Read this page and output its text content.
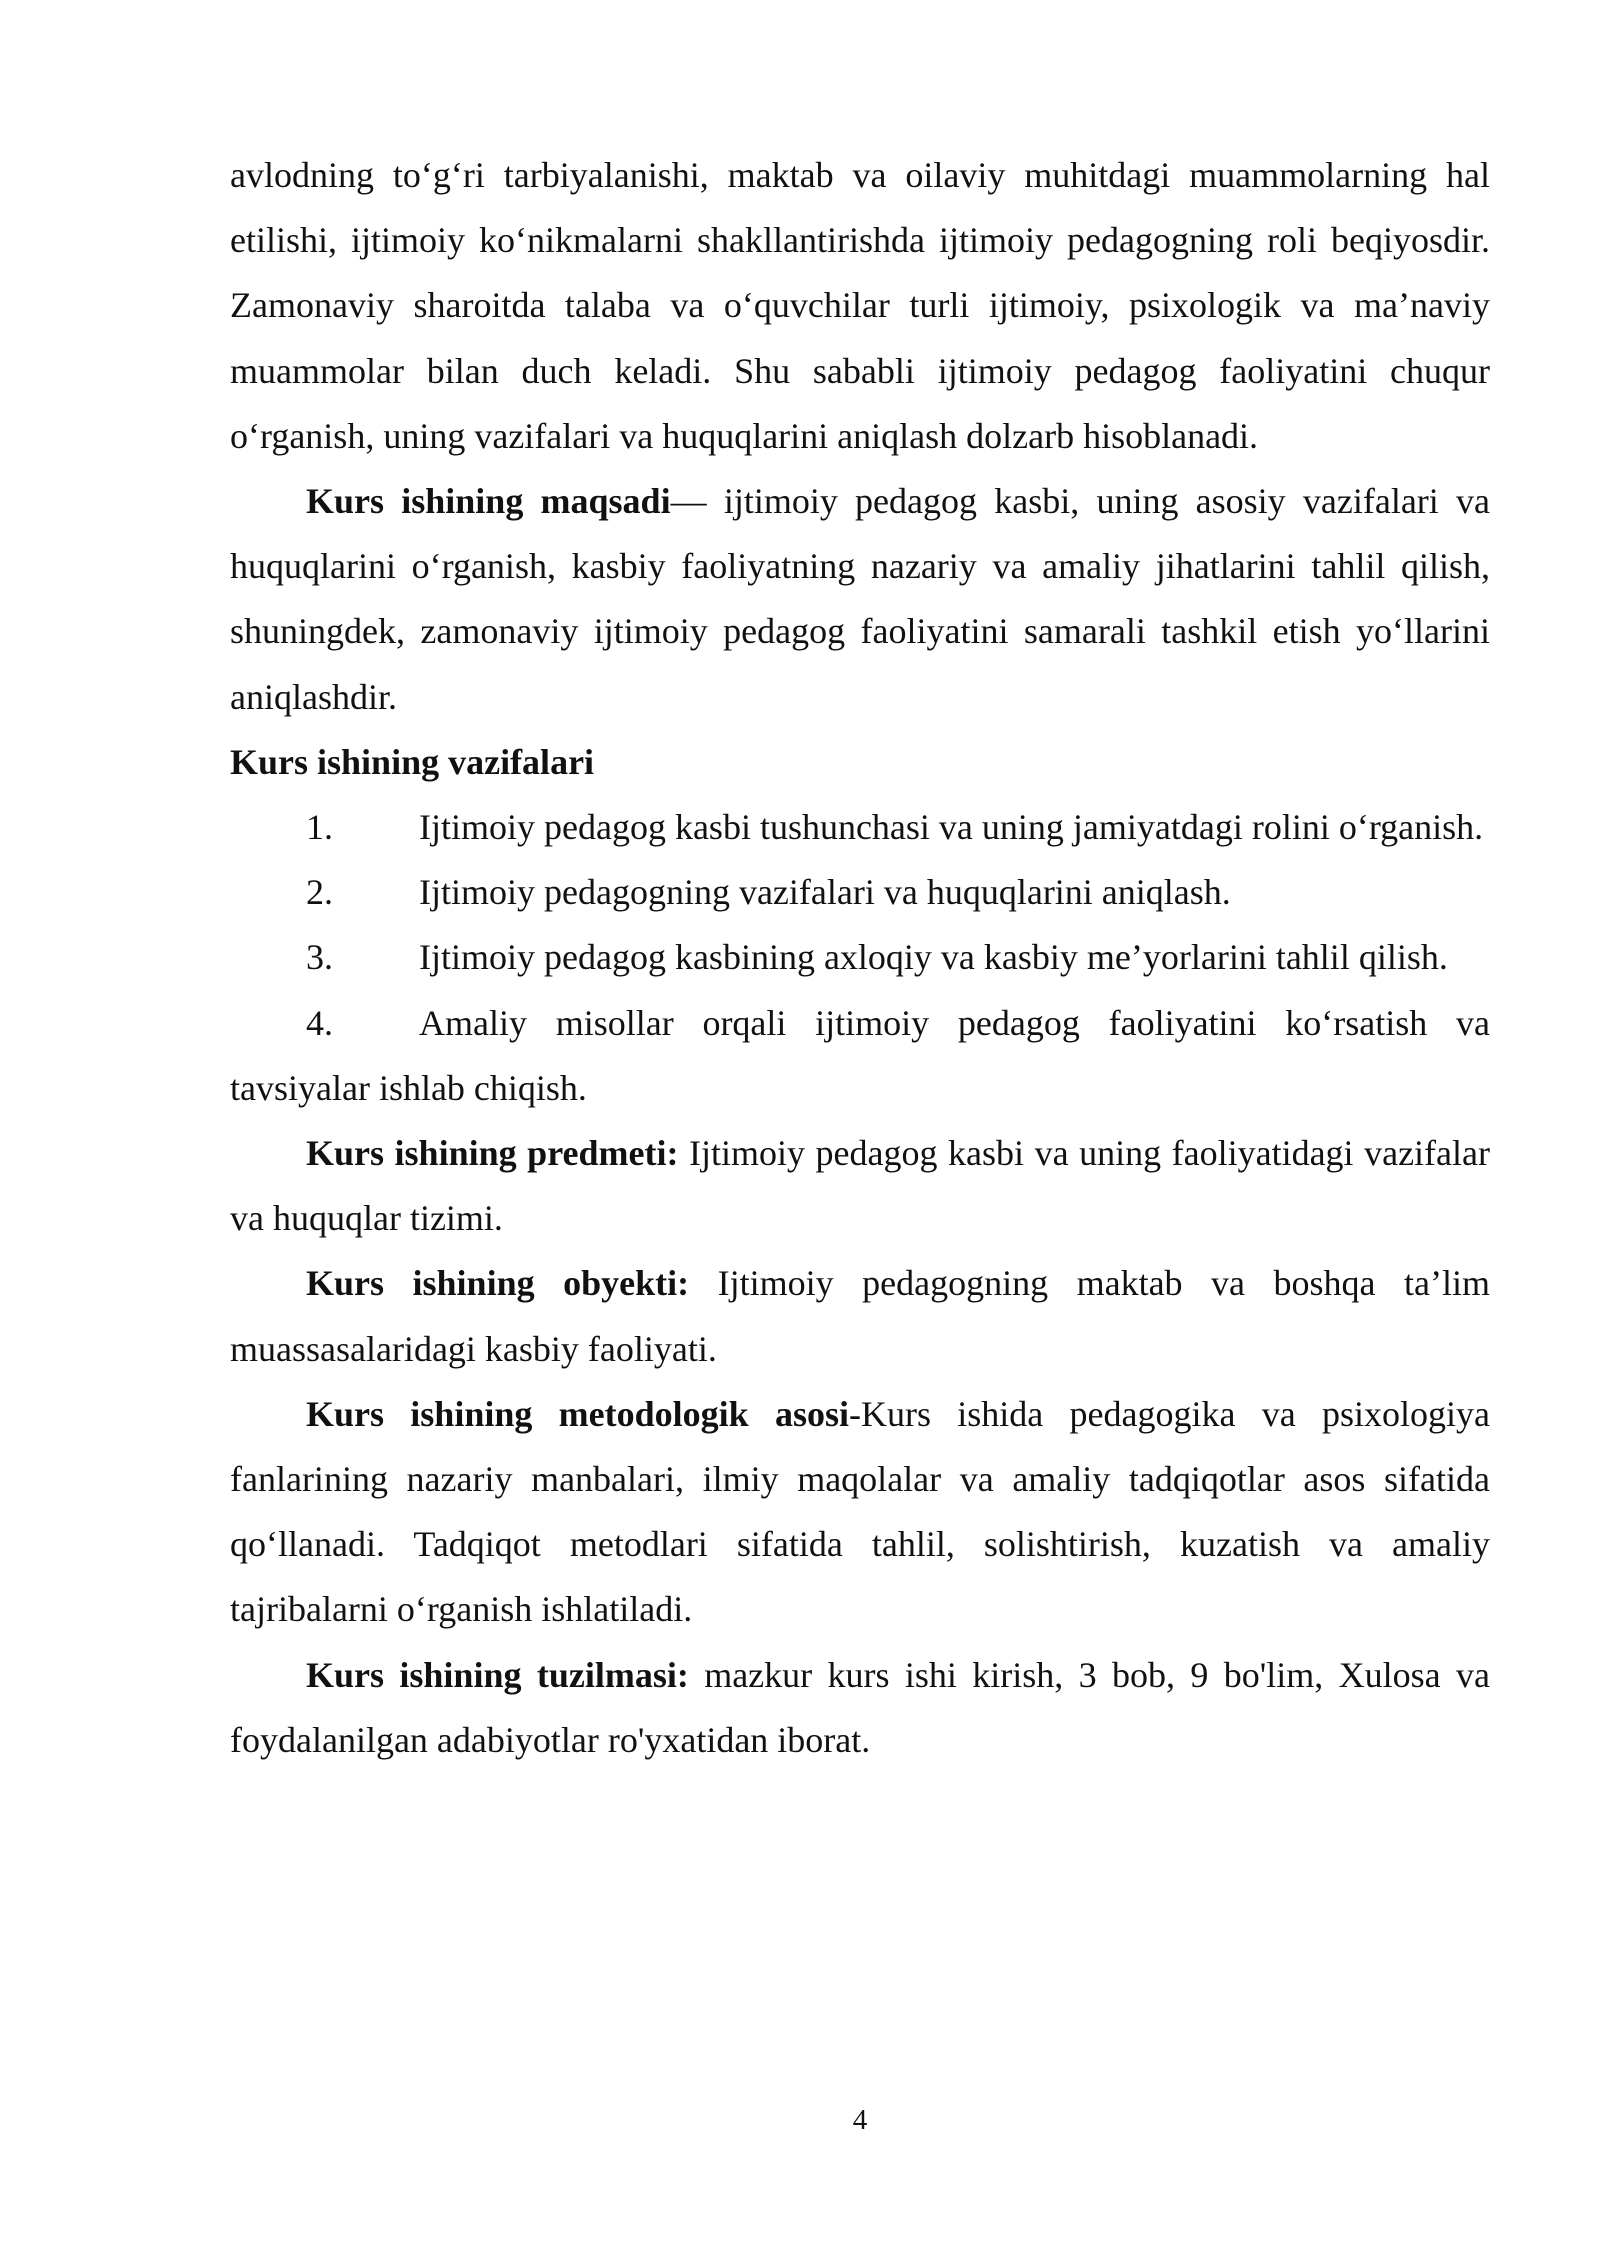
avlodning to‘g‘ri tarbiyalanishi, maktab va oilaviy muhitdagi muammolarning hal etilishi, ijtimoiy ko‘nikmalarni shakllantirishda ijtimoiy pedagogning roli beqiyosdir. Zamonaviy sharoitda talaba va o‘quvchilar turli ijtimoiy, psixologik va ma’naviy muammolar bilan duch keladi. Shu sababli ijtimoiy pedagog faoliyatini chuqur o‘rganish, uning vazifalari va huquqlarini aniqlash dolzarb hisoblanadi.

Kurs ishining maqsadi— ijtimoiy pedagog kasbi, uning asosiy vazifalari va huquqlarini o‘rganish, kasbiy faoliyatning nazariy va amaliy jihatlarini tahlil qilish, shuningdek, zamonaviy ijtimoiy pedagog faoliyatini samarali tashkil etish yo‘llarini aniqlashdir.

Kurs ishining vazifalari

1. Ijtimoiy pedagog kasbi tushunchasi va uning jamiyatdagi rolini o‘rganish.

2. Ijtimoiy pedagogning vazifalari va huquqlarini aniqlash.

3. Ijtimoiy pedagog kasbining axloqiy va kasbiy me’yorlarini tahlil qilish.

4. Amaliy misollar orqali ijtimoiy pedagog faoliyatini ko‘rsatish va tavsiyalar ishlab chiqish.

Kurs ishining predmeti: Ijtimoiy pedagog kasbi va uning faoliyatidagi vazifalar va huquqlar tizimi.

Kurs ishining obyekti: Ijtimoiy pedagogning maktab va boshqa ta’lim muassasalaridagi kasbiy faoliyati.

Kurs ishining metodologik asosi-Kurs ishida pedagogika va psixologiya fanlarining nazariy manbalari, ilmiy maqolalar va amaliy tadqiqotlar asos sifatida qo‘llanadi. Tadqiqot metodlari sifatida tahlil, solishtirish, kuzatish va amaliy tajribalarni o‘rganish ishlatiladi.

Kurs ishining tuzilmasi: mazkur kurs ishi kirish, 3 bob, 9 bo'lim, Xulosa va foydalanilgan adabiyotlar ro'yxatidan iborat.

4
